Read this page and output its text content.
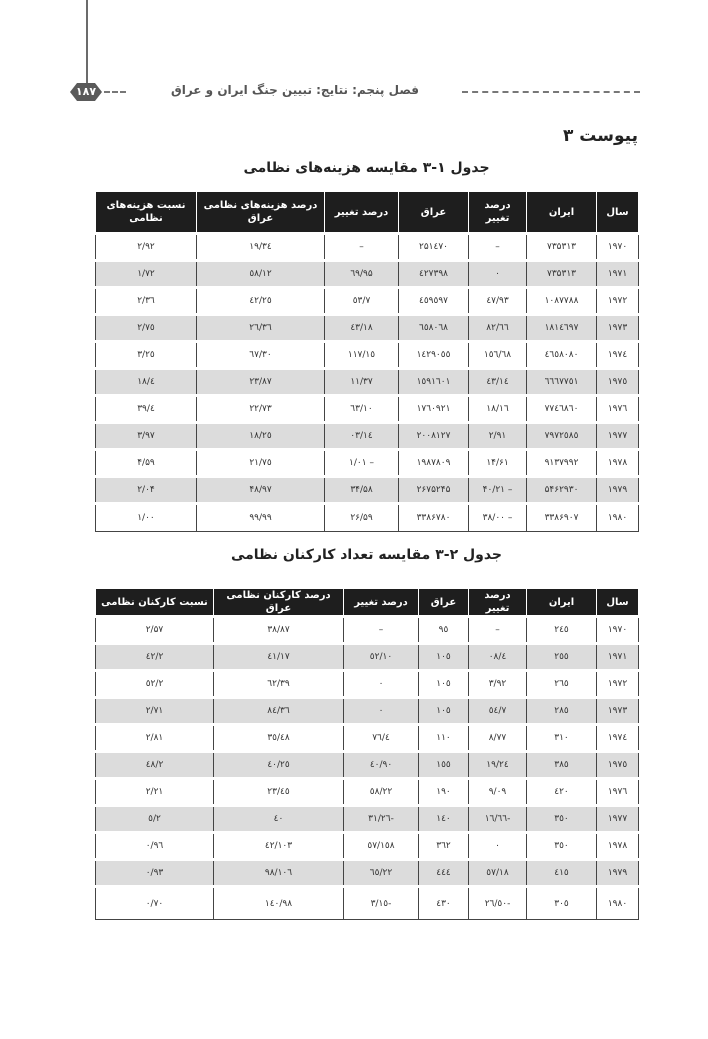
۱۸۷	فصل پنجم: نتایج: تبیین جنگ ایران و عراق
پیوست ۳
جدول ۱-۳ مقایسه هزینه‌های نظامی
سال	ایران	درصد تغییر	عراق	درصد تغییر	درصد هزینه‌های نظامی عراق	نسبت هزینه‌های نظامی
۱۹۷۰	۷۳۵۳۱۳	–	۲۵۱٤۷۰	–	۳٤/۱۹	۲/۹۲
۱۹۷۱	۷۳۵۳۱۳	۰	٤۲۷۳۹۸	٦۹/۹۵	٥۸/۱۲	۱/۷۲
۱۹۷۲	۱۰۸۷۷۸۸	٤۷/۹۳	٤٥۹٥۹۷	۷/٥۳	٤۲/۲٥	۲/۳٦
۱۹۷۳	۱۸۱٤٦۹۷	٦٦/۸۲	٦٥۸۰٦۸	٤۳/۱۸	۳٦/۲٦	۲/۷٥
۱۹۷٤	٤٦٥۸۰۸۰	۱٥٦/٦۸	۱٤۲۹۰٥٥	۱۱۷/۱٥	۳۰/٦۷	۳/۲٥
۱۹۷٥	٦٦٦۷۷٥۱	٤۳/۱٤	۱٥۹۱٦۰۱	۱۱/۳۷	۲۳/۸۷	٤/۱۸
۱۹۷٦	۷۷٤٦٨٦٠	۱٦/۱۸	۱۷٦۰۹۲۱	۱۰/٦۳	۲۲/۷۳	٤/۳۹
۱۹۷۷	۷۹۷۲٥۸٥	۲/۹۱	۲۰۰۸۱۲۷	۱٤/۰۳	۲٥/۱۸	۳/۹۷
۱۹۷۸	۹۱۳۷۹۹۲	۱۴/۶۱	۱۹۸۷۸۰۹	– ۱/۰۱	۲۱/۷٥	۴/۵۹
۱۹۷۹	۵۴۶۲۹۳۰	– ۴۰/۲۱	۲۶۷۵۲۴۵	۳۴/۵۸	۴۸/۹۷	۲/۰۴
۱۹۸۰	۳۳۸۶۹۰۷	– ۳۸/۰۰	۳۳۸۶۷۸۰	۲۶/۵۹	۹۹/۹۹	۱/۰۰
جدول ۲-۳ مقایسه تعداد کارکنان نظامی
سال	ایران	درصد تغییر	عراق	درصد تغییر	درصد کارکنان نظامی عراق	نسبت کارکنان نظامی
۱۹۷۰	۲٤٥	–	۹٥	–	۳۸/۸۷	۲/۵۷
۱۹۷۱	۲٥٥	٤/۰۸	۱۰٥	۱۰/٥۲	٤۱/۱۷	۲/٤۲
۱۹۷۲	۲٦٥	۳/۹۲	۱۰٥	۰	۳۹/٦۲	۲/٥۲
۱۹۷۳	۲۸٥	۷/٥٤	۱۰٥	۰	۳٦/۸٤	۲/۷۱
۱۹۷٤	۳۱۰	۸/۷۷	۱۱۰	٤/۷٦	۳٥/٤۸	۲/۸۱
۱۹۷٥	۳۸٥	۲٤/۱۹	۱٥٥	٤۰/۹۰	٤۰/۲٥	۲/٤۸
۱۹۷٦	٤۲۰	۹/۰۹	۱۹۰	۲۲/٥۸	٤٥/۲۳	۲/۲۱
۱۹۷۷	۳٥۰	-۱٦/٦٦	۱٤۰	-۲٦/۳۱	٤۰	۲/٥
۱۹۷۸	۳٥۰	۰	۳٦۲	۱٥۸/٥۷	۱۰۳/٤۲	۰/۹٦
۱۹۷۹	٤۱٥	۱۸/٥۷	٤٤٤	۲۲/٦٥	۱۰٦/۹۸	۰/۹۳
۱۹۸۰	۳۰٥	-۲٦/٥۰	٤۳۰	-۳/۱٥	۱٤۰/۹۸	۰/۷۰
